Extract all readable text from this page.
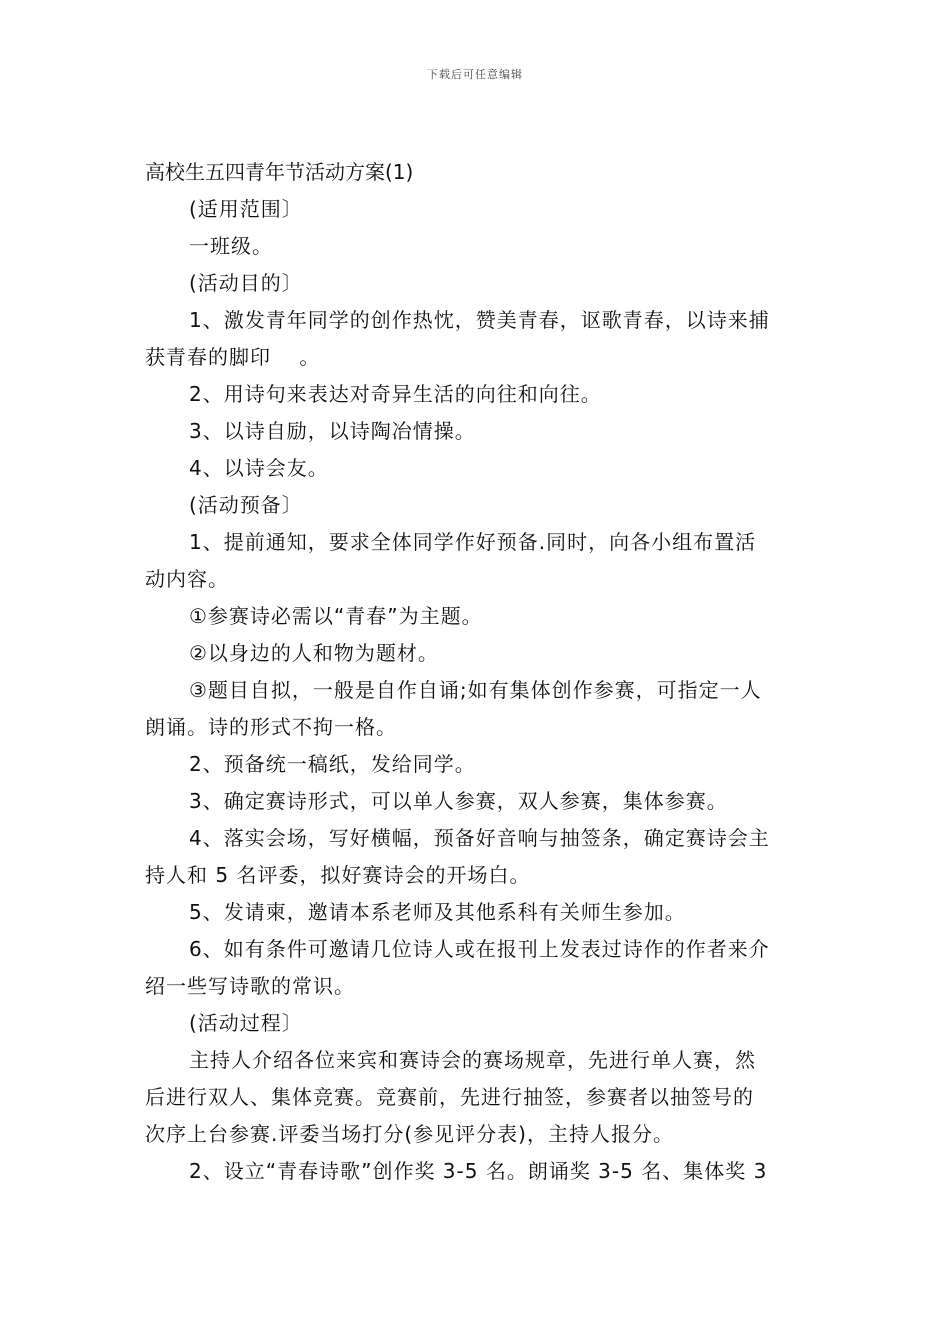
下载后可任意编辑
高校生五四青年节活动方案(1)
(适用范围〕
一班级。
(活动目的〕
1、激发青年同学的创作热忱，赞美青春，讴歌青春，以诗来捕
获青春的脚印　 。
2、用诗句来表达对奇异生活的向往和向往。
3、以诗自励，以诗陶冶情操。
4、以诗会友。
(活动预备〕
1、提前通知，要求全体同学作好预备.同时，向各小组布置活
动内容。
①参赛诗必需以“青春”为主题。
②以身边的人和物为题材。
③题目自拟，一般是自作自诵;如有集体创作参赛，可指定一人
朗诵。诗的形式不拘一格。
2、预备统一稿纸，发给同学。
3、确定赛诗形式，可以单人参赛，双人参赛，集体参赛。
4、落实会场，写好横幅，预备好音响与抽签条，确定赛诗会主
持人和 5 名评委，拟好赛诗会的开场白。
5、发请柬，邀请本系老师及其他系科有关师生参加。
6、如有条件可邀请几位诗人或在报刊上发表过诗作的作者来介
绍一些写诗歌的常识。
(活动过程〕
主持人介绍各位来宾和赛诗会的赛场规章，先进行单人赛，然
后进行双人、集体竞赛。竞赛前，先进行抽签，参赛者以抽签号的
次序上台参赛.评委当场打分(参见评分表)，主持人报分。
2、设立“青春诗歌”创作奖 3-5 名。朗诵奖 3-5 名、集体奖 3
